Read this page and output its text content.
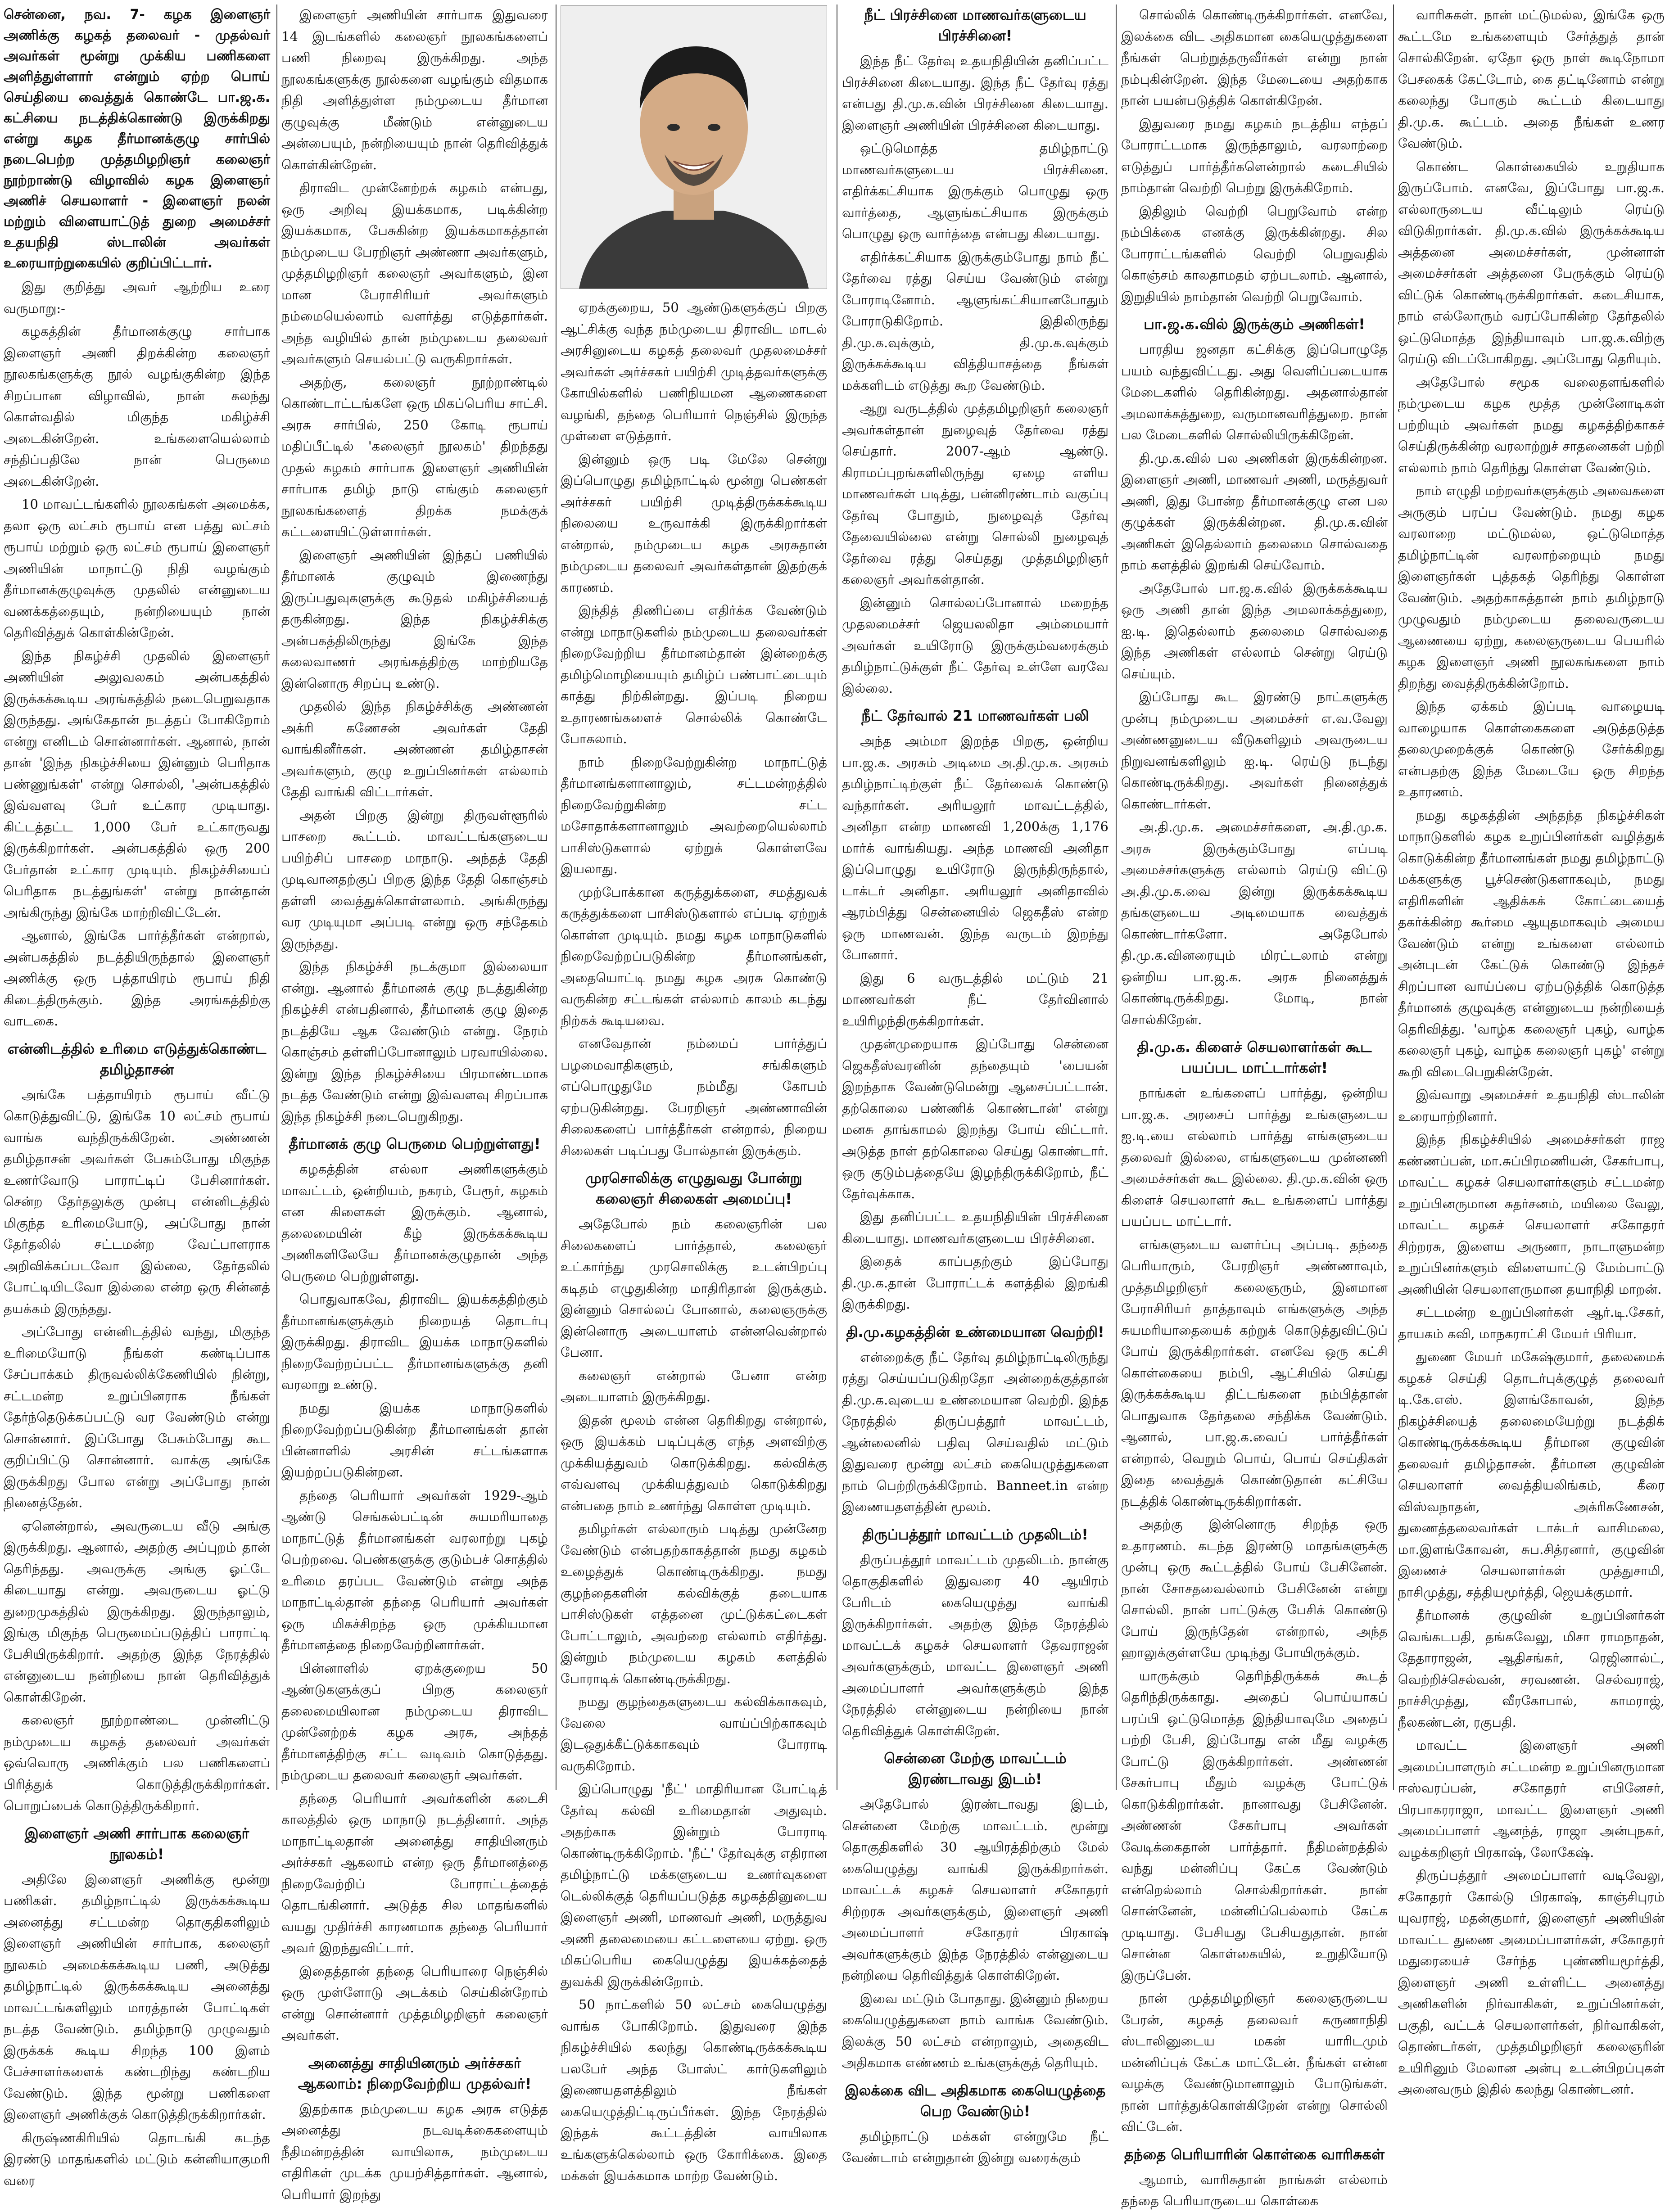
சென்னை, நவ. 7- கழக இளைஞர் அணிக்கு கழகத் தலைவர் - முதல்வர் அவர்கள் மூன்று முக்கிய பணிகளை அளித்துள்ளார் என்றும் ஏற்ற பொய் செய்தியை வைத்துக் கொண்டே பா.ஜ.க. கட்சியை நடத்திக்கொண்டு இருக்கிறது என்று கழக தீர்மானக்குழு சார்பில் நடைபெற்ற முத்தமிழறிஞர் கலைஞர் நூற்றாண்டு விழாவில் கழக இளைஞர் அணிச் செயலாளர் - இளைஞர் நலன் மற்றும் விளையாட்டுத் துறை அமைச்சர் உதயநிதி ஸ்டாலின் அவர்கள் உரையாற்றுகையில் குறிப்பிட்டார்.

இது குறித்து அவர் ஆற்றிய உரை வருமாறு:-

கழகத்தின் தீர்மானக்குழு சார்பாக இளைஞர் அணி திறக்கின்ற கலைஞர் நூலகங்களுக்கு நூல் வழங்குகின்ற இந்த சிறப்பான விழாவில், நான் கலந்து கொள்வதில் மிகுந்த மகிழ்ச்சி அடைகின்றேன். உங்களையெல்லாம் சந்திப்பதிலே நான் பெருமை அடைகின்றேன்.

10 மாவட்டங்களில் நூலகங்கள் அமைக்க, தலா ஒரு லட்சம் ரூபாய் என பத்து லட்சம் ரூபாய் மற்றும் ஒரு லட்சம் ரூபாய் இளைஞர் அணியின் மாநாட்டு நிதி வழங்கும் தீர்மானக்குழுவுக்கு முதலில் என்னுடைய வணக்கத்தையும், நன்றியையும் நான் தெரிவித்துக் கொள்கின்றேன்.

இந்த நிகழ்ச்சி முதலில் இளைஞர் அணியின் அலுவலகம் அன்பகத்தில் இருக்கக்கூடிய அரங்கத்தில் நடைபெறுவதாக இருந்தது. அங்கேதான் நடத்தப் போகிறோம் என்று எனிடம் சொன்னார்கள். ஆனால், நான் தான் 'இந்த நிகழ்ச்சியை இன்னும் பெரிதாக பண்ணுங்கள்' என்று சொல்லி, 'அன்பகத்தில் இவ்வளவு பேர் உட்கார முடியாது. கிட்டத்தட்ட 1,000 பேர் உட்காருவது இருக்கிறார்கள். அன்பகத்தில் ஒரு 200 பேர்தான் உட்கார முடியும். நிகழ்ச்சியைப் பெரிதாக நடத்துங்கள்' என்று நான்தான் அங்கிருந்து இங்கே மாற்றிவிட்டேன்.

ஆனால், இங்கே பார்த்தீர்கள் என்றால், அன்பகத்தில் நடத்தியிருந்தால் இளைஞர் அணிக்கு ஒரு பத்தாயிரம் ரூபாய் நிதி கிடைத்திருக்கும். இந்த அரங்கத்திற்கு வாடகை.

என்னிடத்தில் உரிமை எடுத்துக்கொண்ட தமிழ்தாசன்

அங்கே பத்தாயிரம் ரூபாய் வீட்டு கொடுத்துவிட்டு, இங்கே 10 லட்சம் ரூபாய் வாங்க வந்திருக்கிறேன். அண்ணன் தமிழ்தாசன் அவர்கள் பேசும்போது மிகுந்த உணர்வோடு பாராட்டிப் பேசினார்கள். சென்ற தேர்தலுக்கு முன்பு என்னிடத்தில் மிகுந்த உரிமையோடு, அப்போது நான் தேர்தலில் சட்டமன்ற வேட்பாளராக அறிவிக்கப்படவோ இல்லை, தேர்தலில் போட்டியிடவோ இல்லை என்ற ஒரு சின்னத் தயக்கம் இருந்தது.

அப்போது என்னிடத்தில் வந்து, மிகுந்த உரிமையோடு நீங்கள் கண்டிப்பாக சேப்பாக்கம் திருவல்லிக்கேணியில் நின்று, சட்டமன்ற உறுப்பினராக நீங்கள் தேர்ந்தெடுக்கப்பட்டு வர வேண்டும் என்று சொன்னார். இப்போது பேசும்போது கூட குறிப்பிட்டு சொன்னார். வாக்கு அங்கே இருக்கிறது போல என்று அப்போது நான் நினைத்தேன்.

ஏனென்றால், அவருடைய வீடு அங்கு இருக்கிறது. ஆனால், அதற்கு அப்புறம் தான் தெரிந்தது. அவருக்கு அங்கு ஓட்டே கிடையாது என்று. அவருடைய ஓட்டு துறைமுகத்தில் இருக்கிறது. இருந்தாலும், இங்கு மிகுந்த பெருமைப்படுத்திப் பாராட்டி பேசியிருக்கிறார். அதற்கு இந்த நேரத்தில் என்னுடைய நன்றியை நான் தெரிவித்துக் கொள்கிறேன்.

கலைஞர் நூற்றாண்டை முன்னிட்டு நம்முடைய கழகத் தலைவர் அவர்கள் ஒவ்வொரு அணிக்கும் பல பணிகளைப் பிரித்துக் கொடுத்திருக்கிறார்கள். பொறுப்பைக் கொடுத்திருக்கிறார்.

இளைஞர் அணி சார்பாக கலைஞர் நூலகம்!

அதிலே இளைஞர் அணிக்கு மூன்று பணிகள். தமிழ்நாட்டில் இருக்கக்கூடிய அனைத்து சட்டமன்ற தொகுதிகளிலும் இளைஞர் அணியின் சார்பாக, கலைஞர் நூலகம் அமைக்கக்கூடிய பணி, அடுத்து தமிழ்நாட்டில் இருக்கக்கூடிய அனைத்து மாவட்டங்களிலும் மாரத்தான் போட்டிகள் நடத்த வேண்டும். தமிழ்நாடு முழுவதும் இருக்கக் கூடிய சிறந்த 100 இளம் பேச்சாளர்களைக் கண்டறிந்து கண்டறிய வேண்டும். இந்த மூன்று பணிகளை இளைஞர் அணிக்குக் கொடுத்திருக்கிறார்கள்.

கிருஷ்ணகிரியில் தொடங்கி கடந்த இரண்டு மாதங்களில் மட்டும் கன்னியாகுமரி வரை

இளைஞர் அணியின் சார்பாக இதுவரை 14 இடங்களில் கலைஞர் நூலகங்களைப் பணி நிறைவு இருக்கிறது. அந்த நூலகங்களுக்கு நூல்களை வழங்கும் விதமாக நிதி அளித்துள்ள நம்முடைய தீர்மான குழுவுக்கு மீண்டும் என்னுடைய அன்பையும், நன்றியையும் நான் தெரிவித்துக் கொள்கின்றேன்.

திராவிட முன்னேற்றக் கழகம் என்பது, ஒரு அறிவு இயக்கமாக, படிக்கின்ற இயக்கமாக, பேசுகின்ற இயக்கமாகத்தான் நம்முடைய பேரறிஞர் அண்ணா அவர்களும், முத்தமிழறிஞர் கலைஞர் அவர்களும், இன மான பேராசிரியர் அவர்களும் நம்மையெல்லாம் வளர்த்து எடுத்தார்கள். அந்த வழியில் தான் நம்முடைய தலைவர் அவர்களும் செயல்பட்டு வருகிறார்கள்.

அதற்கு, கலைஞர் நூற்றாண்டில் கொண்டாட்டங்களே ஒரு மிகப்பெரிய சாட்சி. அரசு சார்பில், 250 கோடி ரூபாய் மதிப்பீட்டில் 'கலைஞர் நூலகம்' திறந்தது முதல் கழகம் சார்பாக இளைஞர் அணியின் சார்பாக தமிழ் நாடு எங்கும் கலைஞர் நூலகங்களைத் திறக்க நமக்குக் கட்டளையிட்டுள்ளார்கள்.

இளைஞர் அணியின் இந்தப் பணியில் தீர்மானக் குழுவும் இணைந்து இருப்பதுவுகளுக்கு கூடுதல் மகிழ்ச்சியைத் தருகின்றது. இந்த நிகழ்ச்சிக்கு அன்பகத்திலிருந்து இங்கே இந்த கலைவாணர் அரங்கத்திற்கு மாற்றியதே இன்னொரு சிறப்பு உண்டு.

முதலில் இந்த நிகழ்ச்சிக்கு அண்ணன் அக்ரி கணேசன் அவர்கள் தேதி வாங்கினீர்கள். அண்ணன் தமிழ்தாசன் அவர்களும், குழு உறுப்பினர்கள் எல்லாம் தேதி வாங்கி விட்டார்கள்.

அதன் பிறகு இன்று திருவள்ளூரில் பாசறை கூட்டம். மாவட்டங்களுடைய பயிற்சிப் பாசறை மாநாடு. அந்தத் தேதி முடிவானதற்குப் பிறகு இந்த தேதி கொஞ்சம் தள்ளி வைத்துக்கொள்ளலாம். அங்கிருந்து வர முடியுமா அப்படி என்று ஒரு சந்தேகம் இருந்தது.

இந்த நிகழ்ச்சி நடக்குமா இல்லையா என்று. ஆனால் தீர்மானக் குழு நடத்துகின்ற நிகழ்ச்சி என்பதினால், தீர்மானக் குழு இதை நடத்தியே ஆக வேண்டும் என்று. நேரம் கொஞ்சம் தள்ளிப்போனாலும் பரவாயில்லை. இன்று இந்த நிகழ்ச்சியை பிரமாண்டமாக நடத்த வேண்டும் என்று இவ்வளவு சிறப்பாக இந்த நிகழ்ச்சி நடைபெறுகிறது.

தீர்மானக் குழு பெருமை பெற்றுள்ளது!

கழகத்தின் எல்லா அணிகளுக்கும் மாவட்டம், ஒன்றியம், நகரம், பேரூர், கழகம் என கிளைகள் இருக்கும். ஆனால், தலைமையின் கீழ் இருக்கக்கூடிய அணிகளிலேயே தீர்மானக்குழுதான் அந்த பெருமை பெற்றுள்ளது.

பொதுவாகவே, திராவிட இயக்கத்திற்கும் தீர்மானங்களுக்கும் நிறையத் தொடர்பு இருக்கிறது. திராவிட இயக்க மாநாடுகளில் நிறைவேற்றப்பட்ட தீர்மானங்களுக்கு தனி வரலாறு உண்டு.

நமது இயக்க மாநாடுகளில் நிறைவேற்றப்படுகின்ற தீர்மானங்கள் தான் பின்னாளில் அரசின் சட்டங்களாக இயற்றப்படுகின்றன.

தந்தை பெரியார் அவர்கள் 1929-ஆம் ஆண்டு செங்கல்பட்டின் சுயமரியாதை மாநாட்டுத் தீர்மானங்கள் வரலாற்று புகழ் பெற்றவை. பெண்களுக்கு குடும்பச் சொத்தில் உரிமை தரப்பட வேண்டும் என்று அந்த மாநாட்டில்தான் தந்தை பெரியார் அவர்கள் ஒரு மிகச்சிறந்த ஒரு முக்கியமான தீர்மானத்தை நிறைவேற்றினார்கள்.

பின்னாளில் ஏறக்குறைய 50 ஆண்டுகளுக்குப் பிறகு கலைஞர் தலைமையிலான நம்முடைய திராவிட முன்னேற்றக் கழக அரசு, அந்தத் தீர்மானத்திற்கு சட்ட வடிவம் கொடுத்தது. நம்முடைய தலைவர் கலைஞர் அவர்கள்.

தந்தை பெரியார் அவர்களின் கடைசி காலத்தில் ஒரு மாநாடு நடத்தினார். அந்த மாநாட்டிலதான் அனைத்து சாதியினரும் அர்ச்சகர் ஆகலாம் என்ற ஒரு தீர்மானத்தை நிறைவேற்றிப் போராட்டத்தைத் தொடங்கினார். அடுத்த சில மாதங்களில் வயது முதிர்ச்சி காரணமாக தந்தை பெரியார் அவர் இறந்துவிட்டார்.

இதைத்தான் தந்தை பெரியாரை நெஞ்சில் ஒரு முள்ளோடு அடக்கம் செய்கின்றோம் என்று சொன்னார் முத்தமிழறிஞர் கலைஞர் அவர்கள்.

அனைத்து சாதியினரும் அர்ச்சகர் ஆகலாம்: நிறைவேற்றிய முதல்வர்!

இதற்காக நம்முடைய கழக அரசு எடுத்த அனைத்து நடவடிக்கைகளையும் நீதிமன்றத்தின் வாயிலாக, நம்முடைய எதிரிகள் முடக்க முயற்சித்தார்கள். ஆனால், பெரியார் இறந்து

ஏறக்குறைய, 50 ஆண்டுகளுக்குப் பிறகு ஆட்சிக்கு வந்த நம்முடைய திராவிட மாடல் அரசினுடைய கழகத் தலைவர் முதலமைச்சர் அவர்கள் அர்ச்சகர் பயிற்சி முடித்தவர்களுக்கு கோயில்களில் பணிநியமன ஆணைகளை வழங்கி, தந்தை பெரியார் நெஞ்சில் இருந்த முள்ளை எடுத்தார்.

இன்னும் ஒரு படி மேலே சென்று இப்பொழுது தமிழ்நாட்டில் மூன்று பெண்கள் அர்ச்சகர் பயிற்சி முடித்திருக்கக்கூடிய நிலையை உருவாக்கி இருக்கிறார்கள் என்றால், நம்முடைய கழக அரசுதான் நம்முடைய தலைவர் அவர்கள்தான் இதற்குக் காரணம்.

இந்தித் திணிப்பை எதிர்க்க வேண்டும் என்று மாநாடுகளில் நம்முடைய தலைவர்கள் நிறைவேற்றிய தீர்மானம்தான் இன்றைக்கு தமிழ்மொழியையும் தமிழ்ப் பண்பாட்டையும் காத்து நிற்கின்றது. இப்படி நிறைய உதாரணங்களைச் சொல்லிக் கொண்டே போகலாம்.

நாம் நிறைவேற்றுகின்ற மாநாட்டுத் தீர்மானங்களானாலும், சட்டமன்றத்தில் நிறைவேற்றுகின்ற சட்ட மசோதாக்களானாலும் அவற்றையெல்லாம் பாசிஸ்டுகளால் ஏற்றுக் கொள்ளவே இயலாது.

முற்போக்கான கருத்துக்களை, சமத்துவக் கருத்துக்களை பாசிஸ்டுகளால் எப்படி ஏற்றுக் கொள்ள முடியும். நமது கழக மாநாடுகளில் நிறைவேற்றப்படுகின்ற தீர்மானங்கள், அதையொட்டி நமது கழக அரசு கொண்டு வருகின்ற சட்டங்கள் எல்லாம் காலம் கடந்து நிற்கக் கூடியவை.

எனவேதான் நம்மைப் பார்த்துப் பழமைவாதிகளும், சங்கிகளும் எப்பொழுதுமே நம்மீது கோபம் ஏற்படுகின்றது. பேரறிஞர் அண்ணாவின் சிலைகளைப் பார்த்தீர்கள் என்றால், நிறைய சிலைகள் படிப்பது போல்தான் இருக்கும்.

முரசொலிக்கு எழுதுவது போன்று கலைஞர் சிலைகள் அமைப்பு!

அதேபோல் நம் கலைஞரின் பல சிலைகளைப் பார்த்தால், கலைஞர் உட்கார்ந்து முரசொலிக்கு உடன்பிறப்பு கடிதம் எழுதுகின்ற மாதிரிதான் இருக்கும். இன்னும் சொல்லப் போனால், கலைஞருக்கு இன்னொரு அடையாளம் என்னவென்றால் பேனா.

கலைஞர் என்றால் பேனா என்ற அடையாளம் இருக்கிறது.

இதன் மூலம் என்ன தெரிகிறது என்றால், ஒரு இயக்கம் படிப்புக்கு எந்த அளவிற்கு முக்கியத்துவம் கொடுக்கிறது. கல்விக்கு எவ்வளவு முக்கியத்துவம் கொடுக்கிறது என்பதை நாம் உணர்ந்து கொள்ள முடியும்.

தமிழர்கள் எல்லாரும் படித்து முன்னேற வேண்டும் என்பதற்காகத்தான் நமது கழகம் உழைத்துக் கொண்டிருக்கிறது. நமது குழந்தைகளின் கல்விக்குத் தடையாக பாசிஸ்டுகள் எத்தனை முட்டுக்கட்டைகள் போட்டாலும், அவற்றை எல்லாம் எதிர்த்து. இன்றும் நம்முடைய கழகம் களத்தில் போராடிக் கொண்டிருக்கிறது.

நமது குழந்தைகளுடைய கல்விக்காகவும், வேலை வாய்ப்பிற்காகவும் இடஒதுக்கீட்டுக்காகவும் போராடி வருகிறோம்.

இப்பொழுது 'நீட்' மாதிரியான போட்டித் தேர்வு கல்வி உரிமைதான் அதுவும். அதற்காக இன்றும் போராடி கொண்டிருக்கிறோம். 'நீட்' தேர்வுக்கு எதிரான தமிழ்நாட்டு மக்களுடைய உணர்வுகளை டெல்லிக்குத் தெரியப்படுத்த கழகத்தினுடைய இளைஞர் அணி, மாணவர் அணி, மருத்துவ அணி தலைமையை கட்டளையை ஏற்று. ஒரு மிகப்பெரிய கையெழுத்து இயக்கத்தைத் துவக்கி இருக்கின்றோம்.

50 நாட்களில் 50 லட்சம் கையெழுத்து வாங்க போகிறோம். இதுவரை இந்த நிகழ்ச்சியில் கலந்து கொண்டிருக்கக்கூடிய பலபேர் அந்த போஸ்ட் கார்டுகளிலும் இணையதளத்திலும் நீங்கள் கையெழுத்திட்டிருப்பீர்கள். இந்த நேரத்தில் இந்தக் கூட்டத்தின் வாயிலாக உங்களுக்கெல்லாம் ஒரு கோரிக்கை. இதை மக்கள் இயக்கமாக மாற்ற வேண்டும்.

நீட் பிரச்சினை மாணவர்களுடைய பிரச்சினை!

இந்த நீட் தேர்வு உதயநிதியின் தனிப்பட்ட பிரச்சினை கிடையாது. இந்த நீட் தேர்வு ரத்து என்பது தி.மு.க.வின் பிரச்சினை கிடையாது. இளைஞர் அணியின் பிரச்சினை கிடையாது.

ஒட்டுமொத்த தமிழ்நாட்டு மாணவர்களுடைய பிரச்சினை. எதிர்க்கட்சியாக இருக்கும் பொழுது ஒரு வார்த்தை, ஆளுங்கட்சியாக இருக்கும் பொழுது ஒரு வார்த்தை என்பது கிடையாது.

எதிர்க்கட்சியாக இருக்கும்போது நாம் நீட் தேர்வை ரத்து செய்ய வேண்டும் என்று போராடினோம். ஆளுங்கட்சியானபோதும் போராடுகிறோம். இதிலிருந்து தி.மு.க.வுக்கும், தி.மு.க.வுக்கும் இருக்கக்கூடிய வித்தியாசத்தை நீங்கள் மக்களிடம் எடுத்து கூற வேண்டும்.

ஆறு வருடத்தில் முத்தமிழறிஞர் கலைஞர் அவர்கள்தான் நுழைவுத் தேர்வை ரத்து செய்தார். 2007-ஆம் ஆண்டு. கிராமப்புறங்களிலிருந்து ஏழை எளிய மாணவர்கள் படித்து, பன்னிரண்டாம் வகுப்பு தேர்வு போதும், நுழைவுத் தேர்வு தேவையில்லை என்று சொல்லி நுழைவுத் தேர்வை ரத்து செய்தது முத்தமிழறிஞர் கலைஞர் அவர்கள்தான்.

இன்னும் சொல்லப்போனால் மறைந்த முதலமைச்சர் ஜெயலலிதா அம்மையார் அவர்கள் உயிரோடு இருக்கும்வரைக்கும் தமிழ்நாட்டுக்குள் நீட் தேர்வு உள்ளே வரவே இல்லை.

நீட் தேர்வால் 21 மாணவர்கள் பலி

அந்த அம்மா இறந்த பிறகு, ஒன்றிய பா.ஜ.க. அரசும் அடிமை அ.தி.மு.க. அரசும் தமிழ்நாட்டிற்குள் நீட் தேர்வைக் கொண்டு வந்தார்கள். அரியலூர் மாவட்டத்தில், அனிதா என்ற மாணவி 1,200க்கு 1,176 மார்க் வாங்கியது. அந்த மாணவி அனிதா இப்பொழுது உயிரோடு இருந்திருந்தால், டாக்டர் அனிதா. அரியலூர் அனிதாவில் ஆரம்பித்து சென்னையில் ஜெகதீஸ் என்ற ஒரு மாணவன். இந்த வருடம் இறந்து போனார்.

இது 6 வருடத்தில் மட்டும் 21 மாணவர்கள் நீட் தேர்வினால் உயிரிழந்திருக்கிறார்கள்.

முதன்முறையாக இப்போது சென்னை ஜெகதீஸ்வரனின் தந்தையும் 'பையன் இறந்தாக வேண்டுமென்று ஆசைப்பட்டான். தற்கொலை பண்ணிக் கொண்டான்' என்று மனசு தாங்காமல் இறந்து போய் விட்டார். அடுத்த நாள் தற்கொலை செய்து கொண்டார். ஒரு குடும்பத்தையே இழந்திருக்கிறோம், நீட் தேர்வுக்காக.

இது தனிப்பட்ட உதயநிதியின் பிரச்சினை கிடையாது. மாணவர்களுடைய பிரச்சினை.

இதைக் காப்பதற்கும் இப்போது தி.மு.க.தான் போராட்டக் களத்தில் இறங்கி இருக்கிறது.

தி.மு.கழகத்தின் உண்மையான வெற்றி!

என்றைக்கு நீட் தேர்வு தமிழ்நாட்டிலிருந்து ரத்து செய்யப்படுகிறதோ அன்றைக்குத்தான் தி.மு.க.வுடைய உண்மையான வெற்றி. இந்த நேரத்தில் திருப்பத்தூர் மாவட்டம், ஆன்லைனில் பதிவு செய்வதில் மட்டும் இதுவரை மூன்று லட்சம் கையெழுத்துகளை நாம் பெற்றிருக்கிறோம். Banneet.in என்ற இணையதளத்தின் மூலம்.

திருப்பத்தூர் மாவட்டம் முதலிடம்!

திருப்பத்தூர் மாவட்டம் முதலிடம். நான்கு தொகுதிகளில் இதுவரை 40 ஆயிரம் பேரிடம் கையெழுத்து வாங்கி இருக்கிறார்கள். அதற்கு இந்த நேரத்தில் மாவட்டக் கழகச் செயலாளர் தேவராஜன் அவர்களுக்கும், மாவட்ட இளைஞர் அணி அமைப்பாளர் அவர்களுக்கும் இந்த நேரத்தில் என்னுடைய நன்றியை நான் தெரிவித்துக் கொள்கிறேன்.

சென்னை மேற்கு மாவட்டம் இரண்டாவது இடம்!

அதேபோல் இரண்டாவது இடம், சென்னை மேற்கு மாவட்டம். மூன்று தொகுதிகளில் 30 ஆயிரத்திற்கும் மேல் கையெழுத்து வாங்கி இருக்கிறார்கள். மாவட்டக் கழகச் செயலாளர் சகோதரர் சிற்றரசு அவர்களுக்கும், இளைஞர் அணி அமைப்பாளர் சகோதரர் பிரகாஷ் அவர்களுக்கும் இந்த நேரத்தில் என்னுடைய நன்றியை தெரிவித்துக் கொள்கிறேன்.

இவை மட்டும் போதாது. இன்னும் நிறைய கையெழுத்துகளை நாம் வாங்க வேண்டும். இலக்கு 50 லட்சம் என்றாலும், அதைவிட அதிகமாக எண்ணம் உங்களுக்குத் தெரியும்.

இலக்கை விட அதிகமாக கையெழுத்தை பெற வேண்டும்!

தமிழ்நாட்டு மக்கள் என்றுமே நீட் வேண்டாம் என்றுதான் இன்று வரைக்கும்

சொல்லிக் கொண்டிருக்கிறார்கள். எனவே, இலக்கை விட அதிகமான கையெழுத்துகளை நீங்கள் பெற்றுத்தருவீர்கள் என்று நான் நம்புகின்றேன். இந்த மேடையை அதற்காக நான் பயன்படுத்திக் கொள்கிறேன்.

இதுவரை நமது கழகம் நடத்திய எந்தப் போராட்டமாக இருந்தாலும், வரலாற்றை எடுத்துப் பார்த்தீர்களென்றால் கடைசியில் நாம்தான் வெற்றி பெற்று இருக்கிறோம்.

இதிலும் வெற்றி பெறுவோம் என்ற நம்பிக்கை எனக்கு இருக்கின்றது. சில போராட்டங்களில் வெற்றி பெறுவதில் கொஞ்சம் காலதாமதம் ஏற்படலாம். ஆனால், இறுதியில் நாம்தான் வெற்றி பெறுவோம்.

பா.ஜ.க.வில் இருக்கும் அணிகள்!

பாரதிய ஜனதா கட்சிக்கு இப்பொழுதே பயம் வந்துவிட்டது. அது வெளிப்படையாக மேடைகளில் தெரிகின்றது. அதனால்தான் அமலாக்கத்துறை, வருமானவரித்துறை. நான் பல மேடைகளில் சொல்லியிருக்கிறேன்.

தி.மு.க.வில் பல அணிகள் இருக்கின்றன. இளைஞர் அணி, மாணவர் அணி, மருத்துவர் அணி, இது போன்ற தீர்மானக்குழு என பல குழுக்கள் இருக்கின்றன. தி.மு.க.வின் அணிகள் இதெல்லாம் தலைமை சொல்வதை நாம் களத்தில் இறங்கி செய்வோம்.

அதேபோல் பா.ஜ.க.வில் இருக்கக்கூடிய ஒரு அணி தான் இந்த அமலாக்கத்துறை, ஐ.டி. இதெல்லாம் தலைமை சொல்வதை இந்த அணிகள் எல்லாம் சென்று ரெய்டு செய்யும்.

இப்போது கூட இரண்டு நாட்களுக்கு முன்பு நம்முடைய அமைச்சர் எ.வ.வேலு அண்ணனுடைய வீடுகளிலும் அவருடைய நிறுவனங்களிலும் ஐ.டி. ரெய்டு நடந்து கொண்டிருக்கிறது. அவர்கள் நினைத்துக் கொண்டார்கள்.

அ.தி.மு.க. அமைச்சர்களை, அ.தி.மு.க. அரசு இருக்கும்போது எப்படி அமைச்சர்களுக்கு எல்லாம் ரெய்டு விட்டு அ.தி.மு.க.வை இன்று இருக்கக்கூடிய தங்களுடைய அடிமையாக வைத்துக் கொண்டார்களோ. அதேபோல் தி.மு.க.வினரையும் மிரட்டலாம் என்று ஒன்றிய பா.ஜ.க. அரசு நினைத்துக் கொண்டிருக்கிறது. மோடி, நான் சொல்கிறேன்.

தி.மு.க. கிளைச் செயலாளர்கள் கூட பயப்பட மாட்டார்கள்!

நாங்கள் உங்களைப் பார்த்து, ஒன்றிய பா.ஜ.க. அரசைப் பார்த்து உங்களுடைய ஐ.டி.யை எல்லாம் பார்த்து எங்களுடைய தலைவர் இல்லை, எங்களுடைய முன்னணி அமைச்சர்கள் கூட இல்லை. தி.மு.க.வின் ஒரு கிளைச் செயலாளர் கூட உங்களைப் பார்த்து பயப்பட மாட்டார்.

எங்களுடைய வளர்ப்பு அப்படி. தந்தை பெரியாரும், பேரறிஞர் அண்ணாவும், முத்தமிழறிஞர் கலைஞரும், இனமான பேராசிரியர் தாத்தாவும் எங்களுக்கு அந்த சுயமரியாதையைக் கற்றுக் கொடுத்துவிட்டுப் போய் இருக்கிறார்கள். எனவே ஒரு கட்சி கொள்கையை நம்பி, ஆட்சியில் செய்து இருக்கக்கூடிய திட்டங்களை நம்பித்தான் பொதுவாக தேர்தலை சந்திக்க வேண்டும். ஆனால், பா.ஜ.க.வைப் பார்த்தீர்கள் என்றால், வெறும் பொய், பொய் செய்திகள் இதை வைத்துக் கொண்டுதான் கட்சியே நடத்திக் கொண்டிருக்கிறார்கள்.

அதற்கு இன்னொரு சிறந்த ஒரு உதாரணம். கடந்த இரண்டு மாதங்களுக்கு முன்பு ஒரு கூட்டத்தில் போய் பேசினேன். நான் சோசதவைல்லாம் பேசினேன் என்று சொல்லி. நான் பாட்டுக்கு பேசிக் கொண்டு போய் இருந்தேன் என்றால், அந்த ஹாலுக்குள்ளயே முடிந்து போயிருக்கும்.

யாருக்கும் தெரிந்திருக்கக் கூடத் தெரிந்திருக்காது. அதைப் பொய்யாகப் பரப்பி ஒட்டுமொத்த இந்தியாவுமே அதைப் பற்றி பேசி, இப்போது என் மீது வழக்கு போட்டு இருக்கிறார்கள். அண்ணன் சேகர்பாபு மீதும் வழக்கு போட்டுக் கொடுக்கிறார்கள். நானாவது பேசினேன். அண்ணன் சேகர்பாபு அவர்கள் வேடிக்கைதான் பார்த்தார். நீதிமன்றத்தில் வந்து மன்னிப்பு கேட்க வேண்டும் என்றெல்லாம் சொல்கிறார்கள். நான் சொன்னேன், மன்னிப்பெல்லாம் கேட்க முடியாது. பேசியது பேசியதுதான். நான் சொன்ன கொள்கையில், உறுதியோடு இருப்பேன்.

நான் முத்தமிழறிஞர் கலைஞருடைய பேரன், கழகத் தலைவர் கருணாநிதி ஸ்டாலினுடைய மகன் யாரிடமும் மன்னிப்புக் கேட்க மாட்டேன். நீங்கள் என்ன வழக்கு வேண்டுமானாலும் போடுங்கள். நான் பார்த்துக்கொள்கிறேன் என்று சொல்லி விட்டேன்.

தந்தை பெரியாரின் கொள்கை வாரிசுகள்

ஆமாம், வாரிசுதான் நாங்கள் எல்லாம் தந்தை பெரியாருடைய கொள்கை

வாரிசுகள். நான் மட்டுமல்ல, இங்கே ஒரு கூட்டமே உங்களையும் சேர்த்துத் தான் சொல்கிறேன். ஏதோ ஒரு நாள் கூடிநோமா பேசகைக் கேட்டோம், கை தட்டினோம் என்று கலைந்து போகும் கூட்டம் கிடையாது தி.மு.க. கூட்டம். அதை நீங்கள் உணர வேண்டும்.

கொண்ட கொள்கையில் உறுதியாக இருப்போம். எனவே, இப்போது பா.ஜ.க. எல்லாருடைய வீட்டிலும் ரெய்டு விடுகிறார்கள். தி.மு.க.வில் இருக்கக்கூடிய அத்தனை அமைச்சர்கள், முன்னாள் அமைச்சர்கள் அத்தனை பேருக்கும் ரெய்டு விட்டுக் கொண்டிருக்கிறார்கள். கடைசியாக, நாம் எல்லோரும் வரப்போகின்ற தேர்தலில் ஒட்டுமொத்த இந்தியாவும் பா.ஜ.க.விற்கு ரெய்டு விடப்போகிறது. அப்போது தெரியும்.

அதேபோல் சமூக வலைதளங்களில் நம்முடைய கழக மூத்த முன்னோடிகள் பற்றியும் அவர்கள் நமது கழகத்திற்காகச் செய்திருக்கின்ற வரலாற்றுச் சாதனைகள் பற்றி எல்லாம் நாம் தெரிந்து கொள்ள வேண்டும்.

நாம் எழுதி மற்றவர்களுக்கும் அவைகளை அருகும் பரப்ப வேண்டும். நமது கழக வரலாறை மட்டுமல்ல, ஒட்டுமொத்த தமிழ்நாட்டின் வரலாற்றையும் நமது இளைஞர்கள் புத்தகத் தெரிந்து கொள்ள வேண்டும். அதற்காகத்தான் நாம் தமிழ்நாடு முழுவதும் நம்முடைய தலைவருடைய ஆணையை ஏற்று, கலைஞருடைய பெயரில் கழக இளைஞர் அணி நூலகங்களை நாம் திறந்து வைத்திருக்கின்றோம்.

இந்த ஏக்கம் இப்படி வாழையடி வாழையாக கொள்கைகளை அடுத்தடுத்த தலைமுறைக்குக் கொண்டு சேர்க்கிறது என்பதற்கு இந்த மேடையே ஒரு சிறந்த உதாரணம்.

நமது கழகத்தின் அந்தந்த நிகழ்ச்சிகள் மாநாடுகளில் கழக உறுப்பினர்கள் வழித்துக் கொடுக்கின்ற தீர்மானங்கள் நமது தமிழ்நாட்டு மக்களுக்கு பூச்செண்டுகளாகவும், நமது எதிரிகளின் ஆதிக்கக் கோட்டையைத் தகர்க்கின்ற கூர்மை ஆயுதமாகவும் அமைய வேண்டும் என்று உங்களை எல்லாம் அன்புடன் கேட்டுக் கொண்டு இந்தச் சிறப்பான வாய்ப்பை ஏற்படுத்திக் கொடுத்த தீர்மானக் குழுவுக்கு என்னுடைய நன்றியைத் தெரிவித்து. 'வாழ்க கலைஞர் புகழ், வாழ்க கலைஞர் புகழ், வாழ்க கலைஞர் புகழ்' என்று கூறி விடைபெறுகின்றேன்.

இவ்வாறு அமைச்சர் உதயநிதி ஸ்டாலின் உரையாற்றினார்.

இந்த நிகழ்ச்சியில் அமைச்சர்கள் ராஜ கண்ணப்பன், மா.சுப்பிரமணியன், சேகர்பாபு, மாவட்ட கழகச் செயலாளர்களும் சட்டமன்ற உறுப்பினருமான சுதர்சனம், மயிலை வேலு, மாவட்ட கழகச் செயலாளர் சகோதரர் சிற்றரசு, இளைய அருணா, நாடாளுமன்ற உறுப்பினர்களும் விளையாட்டு மேம்பாட்டு அணியின் செயலாளருமான தயாநிதி மாறன்.

சட்டமன்ற உறுப்பினர்கள் ஆர்.டி.சேகர், தாயகம் கவி, மாநகராட்சி மேயர் பிரியா.

துணை மேயர் மகேஷ்குமார், தலைமைக் கழகச் செய்தி தொடர்புக்குழுத் தலைவர் டி.கே.எஸ். இளங்கோவன், இந்த நிகழ்ச்சியைத் தலைமையேற்று நடத்திக் கொண்டிருக்கக்கூடிய தீர்மான குழுவின் தலைவர் தமிழ்தாசன். தீர்மான குழுவின் செயலாளர் வைத்தியலிங்கம், கீரை விஸ்வநாதன், அக்ரிகணேசன், துணைத்தலைவர்கள் டாக்டர் வாசிமலை, மா.இளங்கோவன், சுப.சித்ரனார், குழுவின் இணைச் செயலாளர்கள் முத்துசாமி, நாசிமுத்து, சத்தியமூர்த்தி, ஜெயக்குமார்.

தீர்மானக் குழுவின் உறுப்பினர்கள் வெங்கடபதி, தங்கவேலு, மிசா ராமநாதன், தேதாராஜன், ஆதிசங்கர், ரெஜினால்ட், வெற்றிச்செல்வன், சரவணன். செல்வராஜ், நாச்சிமுத்து, வீரகோபால், காமராஜ், நீலகண்டன், ரகுபதி.

மாவட்ட இளைஞர் அணி அமைப்பாளரும் சட்டமன்ற உறுப்பினருமான ஈஸ்வரப்பன், சகோதரர் எபினேசர், பிரபாகரராஜா, மாவட்ட இளைஞர் அணி அமைப்பாளர் ஆனந்த், ராஜா அன்புநகர், வழக்கறிஞர் பிரகாஷ், லோகேஷ்.

திருப்பத்தூர் அமைப்பாளர் வடிவேலு, சகோதரர் கோல்டு பிரகாஷ், காஞ்சிபுரம் யுவராஜ், மதன்குமார், இளைஞர் அணியின் மாவட்ட துணை அமைப்பாளர்கள், சகோதரர் மதுரையைச் சேர்ந்த புண்ணியமூர்த்தி, இளைஞர் அணி உள்ளிட்ட அனைத்து அணிகளின் நிர்வாகிகள், உறுப்பினர்கள், பகுதி, வட்டக் செயலாளர்கள், நிர்வாகிகள், தொண்டர்கள், முத்தமிழறிஞர் கலைஞரின் உயிரினும் மேலான அன்பு உடன்பிறப்புகள் அனைவரும் இதில் கலந்து கொண்டனர்.
